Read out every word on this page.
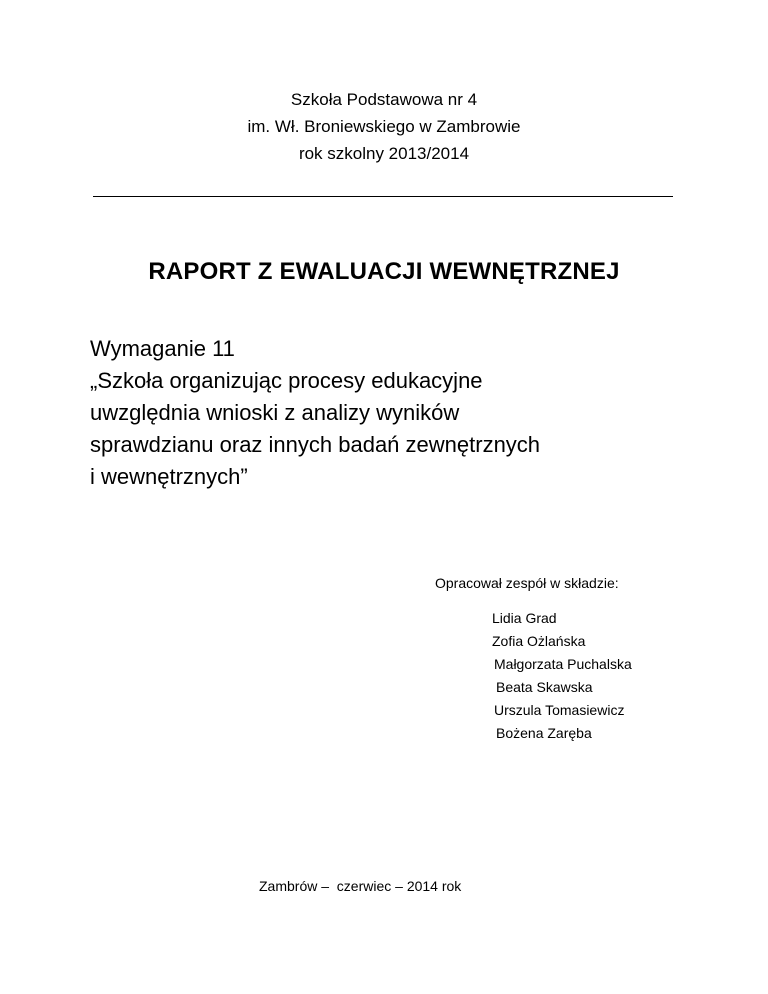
Szkoła Podstawowa nr 4
im. Wł. Broniewskiego w Zambrowie
rok szkolny 2013/2014
RAPORT Z EWALUACJI WEWNĘTRZNEJ
Wymaganie 11
„Szkoła organizując procesy edukacyjne
uwzględnia wnioski z analizy wyników
sprawdzianu oraz innych badań zewnętrznych
i wewnętrznych”
Opracował zespół w składzie:
Lidia Grad
Zofia Ożlańska
Małgorzata Puchalska
Beata Skawska
Urszula Tomasiewicz
Bożena Zaręba
Zambrów –  czerwiec – 2014 rok
